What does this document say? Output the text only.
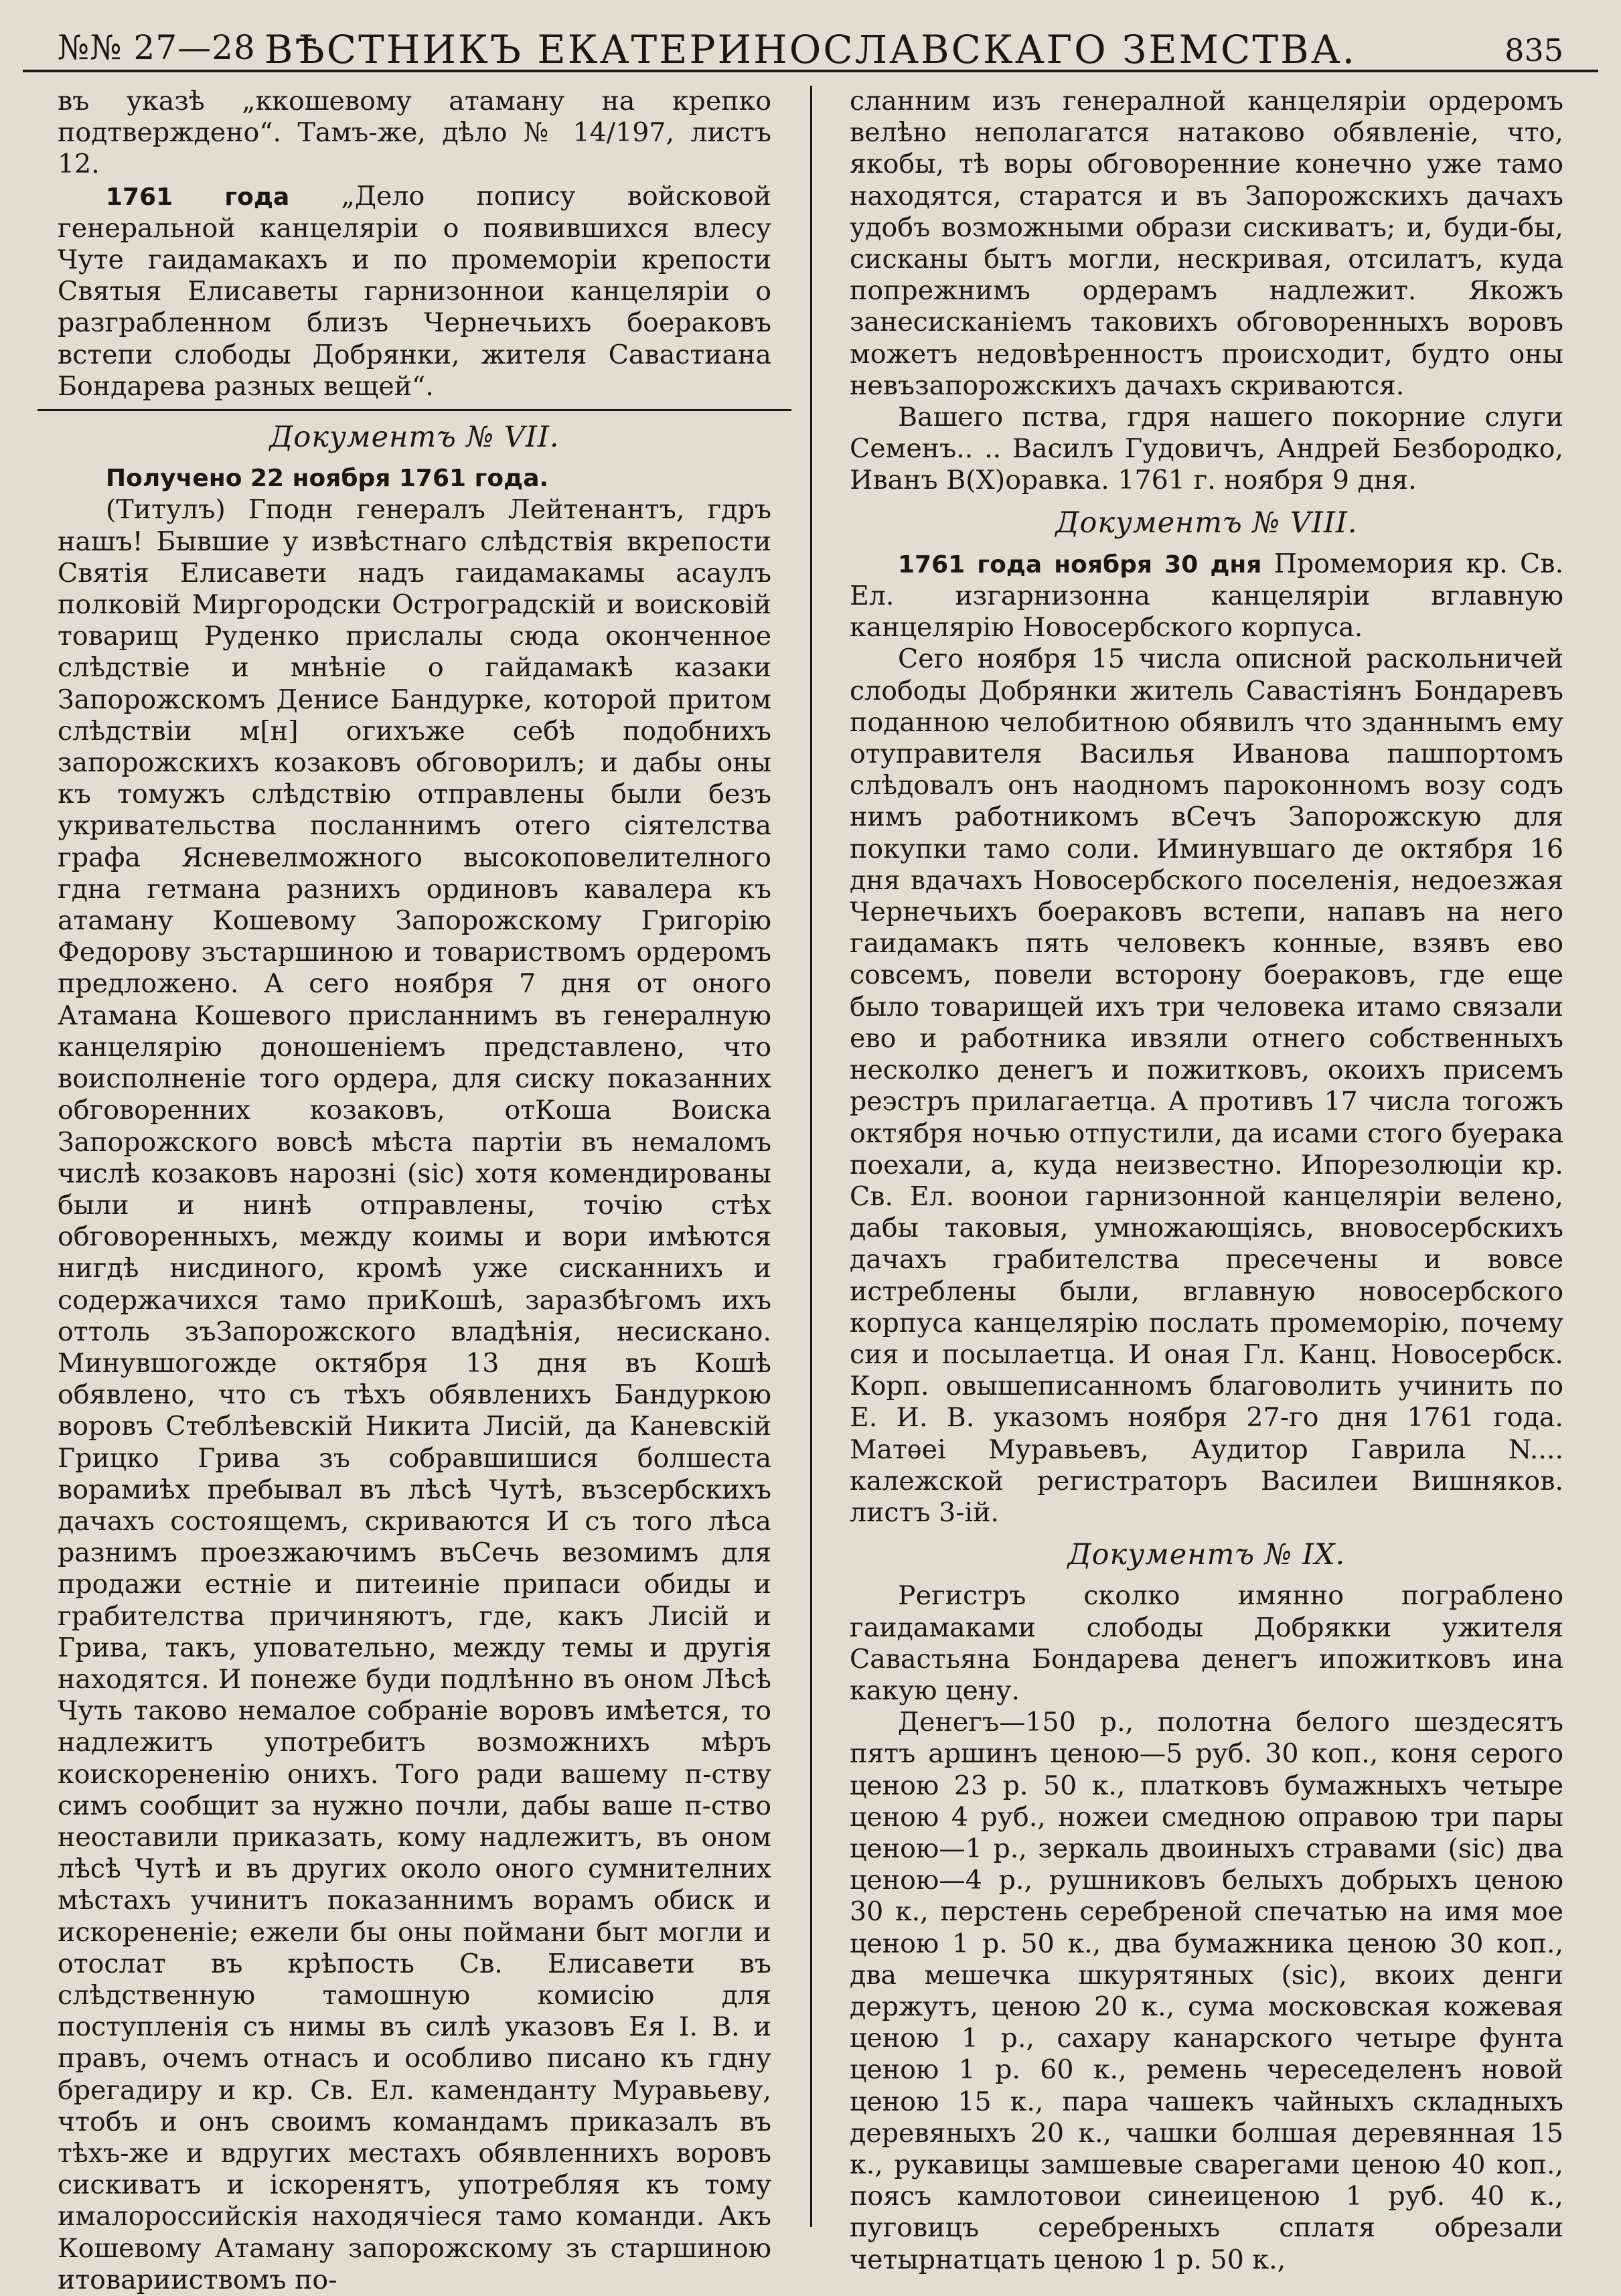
№№ 27—28 ВѢСТНИКЪ ЕКАТЕРИНОСЛАВСКАГО ЗЕМСТВА.	835

въ указѣ „ккошевому атаману на крепко подтверждено“. Тамъ-же, дѣло № 14/197, листъ 12.

1761 года „Дело попису войсковой генеральной канцеляріи о появившихся влесу Чуте гаидамакахъ и по промеморіи крепости Святыя Елисаветы гарнизоннои канцеляріи о разграбленном близъ Чернечьихъ боераковъ встепи слободы Добрянки, жителя Савастиана Бондарева разных вещей“.

Документъ № VII.

Получено 22 ноября 1761 года.

(Титулъ) Гподн генералъ Лейтенантъ, гдръ нашъ! Бывшие у извѣстнаго слѣдствія вкрепости Святія Елисавети надъ гаидамакамы асаулъ полковій Миргородски Остроградскій и воисковій товарищ Руденко прислалы сюда оконченное слѣдствіе и мнѣніе о гайдамакѣ казаки Запорожскомъ Денисе Бандурке, которой притом слѣдствіи м[н] огихъже себѣ подобнихъ запорожскихъ козаковъ обговорилъ; и дабы оны къ томужъ слѣдствію отправлены были безъ укривательства посланнимъ отего сіятелства графа Ясневелможного высокоповелителного гдна гетмана разнихъ ординовъ кавалера къ атаману Кошевому Запорожскому Григорію Федорову зъстаршиною и товариствомъ ордеромъ предложено. А сего ноября 7 дня от оного Атамана Кошевого присланнимъ въ генералную канцелярію доношеніемъ представлено, что воисполненіе того ордера, для сиску показанних обговоренних козаковъ, отКоша Воиска Запорожского вовсѣ мѣста партіи въ немаломъ числѣ козаковъ нарозні (sic) хотя комендированы были и нинѣ отправлены, точію стѣх обговоренныхъ, между коимы и вори имѣются нигдѣ нисдиного, кромѣ уже сисканнихъ и содержачихся тамо приКошѣ, заразбѣгомъ ихъ оттоль зъЗапорожского владѣнія, несискано. Минувшогожде октября 13 дня въ Кошѣ обявлено, что съ тѣхъ обявленихъ Бандуркою воровъ Стеблѣевскій Никита Лисій, да Каневскій Грицко Грива зъ собравшишися болшеста ворамиѣх пребывал въ лѣсѣ Чутѣ, възсербскихъ дачахъ состоящемъ, скриваются И съ того лѣса разнимъ проезжаючимъ въСечь везомимъ для продажи естніе и питеиніе припаси обиды и грабителства причиняютъ, где, какъ Лисій и Грива, такъ, уповательно, между темы и другія находятся. И понеже буди подлѣнно въ оном Лѣсѣ Чуть таково немалое собраніе воровъ имѣется, то надлежитъ употребитъ возможнихъ мѣръ коискорененію онихъ. Того ради вашему п-ству симъ сообщит за нужно почли, дабы ваше п-ство неоставили приказать, кому надлежитъ, въ оном лѣсѣ Чутѣ и въ других около оного сумнителних мѣстахъ учинитъ показаннимъ ворамъ обиск и искорененіе; ежели бы оны поймани быт могли и отослат въ крѣпость Св. Елисавети въ слѣдственную тамошную комисію для поступленія съ нимы въ силѣ указовъ Ея І. В. и правъ, очемъ отнасъ и особливо писано къ гдну брегадиру и кр. Св. Ел. камендантy Муравьеву, чтобъ и онъ своимъ командамъ приказалъ въ тѣхъ-же и вдругих местахъ обявленнихъ воровъ сискиватъ и іскоренятъ, употребляя къ тому ималороссийскія находячіеся тамо команди. Акъ Кошевому Атаману запорожскому зъ старшиною итоварииствомъ по-

сланним изъ генералной канцеляріи ордеромъ велѣно неполагатся натаково обявленіе, что, якобы, тѣ воры обговоренние конечно уже тамо находятся, старатся и въ Запорожскихъ дачахъ удобъ возможными образи сискиватъ; и, буди-бы, сисканы бытъ могли, нескривая, отсилатъ, куда попрежнимъ ордерамъ надлежит. Якожъ занесисканіемъ таковихъ обговоренныхъ воровъ можетъ недовѣренностъ происходит, будто оны невъзапорожскихъ дачахъ скриваются.

Вашего пства, гдря нашего покорние слуги Семенъ.. .. Василъ Гудовичъ, Андрей Безбородко, Иванъ В(Х)оравка. 1761 г. ноября 9 дня.

Документъ № VIII.

1761 года ноября 30 дня Промемория кр. Св. Ел. изгарнизонна канцеляріи вглавную канцелярію Новосербского корпуса.

Сего ноября 15 числа описной раскольничей слободы Добрянки житель Савастіянъ Бондаревъ поданною челобитною обявилъ что зданнымъ ему отуправителя Василья Иванова пашпортомъ слѣдовалъ онъ наодномъ пароконномъ возу содъ нимъ работникомъ вСечъ Запорожскую для покупки тамо соли. Иминувшаго де октября 16 дня вдачахъ Новосербского поселенія, недоезжая Чернечьихъ боераковъ встепи, напавъ на него гаидамакъ пять человекъ конные, взявъ ево совсемъ, повели всторону боераковъ, где еще было товарищей ихъ три человека итамо связали ево и работника ивзяли отнего собственныхъ несколко денегъ и пожитковъ, окоихъ присемъ реэстръ прилагаетца. А противъ 17 числа тогожъ октября ночью отпустили, да исами стого буерака поехали, а, куда неизвестно. Ипорезолюціи кр. Св. Ел. воонои гарнизонной канцеляріи велено, дабы таковыя, умножающіясь, вновосербскихъ дачахъ грабителства пресечены и вовсе истреблены были, вглавную новосербского корпуса канцелярію послать промеморію, почему сия и посылаетца. И оная Гл. Канц. Новосербск. Корп. овышеписанномъ благоволить учинить по Е. И. В. указомъ ноября 27-го дня 1761 года. Матѳеі Муравьевъ, Аудитор Гаврила N.... калежской регистраторъ Василеи Вишняков. листъ 3-ій.

Документъ № IX.

Регистръ сколко имянно пограблено гаидамаками слободы Добрякки ужителя Савастьяна Бондарева денегъ ипожитковъ ина какую цену.

Денегъ—150 р., полотна белого шездесятъ пятъ аршинъ ценою—5 руб. 30 коп., коня серого ценою 23 р. 50 к., платковъ бумажныхъ четыре ценою 4 руб., ножеи смедною оправою три пары ценою—1 р., зеркаль двоиныхъ стравами (sic) два ценою—4 р., рушниковъ белыхъ добрыхъ ценою 30 к., перстень серебреной спечатью на имя мое ценою 1 р. 50 к., два бумажника ценою 30 коп., два мешечка шкурятяных (sic), вкоих денги держутъ, ценою 20 к., сума московская кожевая ценою 1 р., сахару канарского четыре фунта ценою 1 р. 60 к., ремень череседеленъ новой ценою 15 к., пара чашекъ чайныхъ складныхъ деревяныхъ 20 к., чашки болшая деревянная 15 к., рукавицы замшевые свaрегами ценою 40 коп., поясъ камлотовои синеиценою 1 руб. 40 к., пуговицъ серебреныхъ сплатя обрезали четырнатцать ценою 1 р. 50 к.,
